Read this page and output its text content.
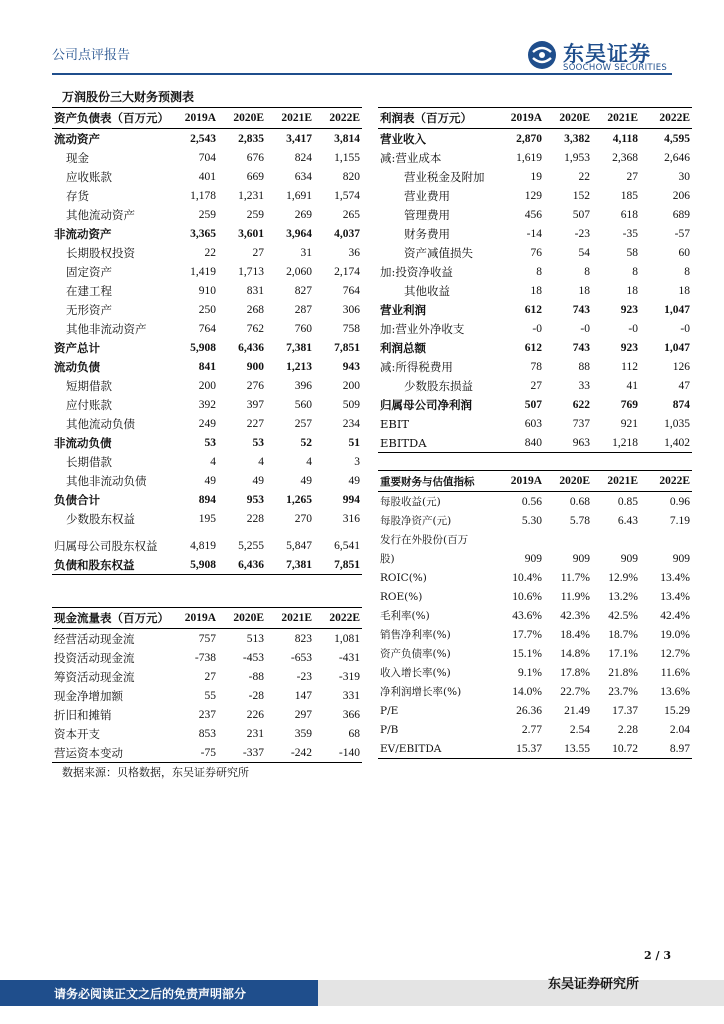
公司点评报告	东吴证券
SOOCHOW SECURITIES
万润股份三大财务预测表
资产负债表（百万元）	2019A	2020E	2021E	2022E
流动资产	2,543	2,835	3,417	3,814
现金	704	676	824	1,155
应收账款	401	669	634	820
存货	1,178	1,231	1,691	1,574
其他流动资产	259	259	269	265
非流动资产	3,365	3,601	3,964	4,037
长期股权投资	22	27	31	36
固定资产	1,419	1,713	2,060	2,174
在建工程	910	831	827	764
无形资产	250	268	287	306
其他非流动资产	764	762	760	758
资产总计	5,908	6,436	7,381	7,851
流动负债	841	900	1,213	943
短期借款	200	276	396	200
应付账款	392	397	560	509
其他流动负债	249	227	257	234
非流动负债	53	53	52	51
长期借款	4	4	4	3
其他非流动负债	49	49	49	49
负债合计	894	953	1,265	994
少数股东权益	195	228	270	316

归属母公司股东权益	4,819	5,255	5,847	6,541
负债和股东权益	5,908	6,436	7,381	7,851
利润表（百万元）	2019A	2020E	2021E	2022E
营业收入	2,870	3,382	4,118	4,595
减:营业成本	1,619	1,953	2,368	2,646
营业税金及附加	19	22	27	30
营业费用	129	152	185	206
管理费用	456	507	618	689
财务费用	-14	-23	-35	-57
资产减值损失	76	54	58	60
加:投资净收益	8	8	8	8
其他收益	18	18	18	18
营业利润	612	743	923	1,047
加:营业外净收支	-0	-0	-0	-0
利润总额	612	743	923	1,047
减:所得税费用	78	88	112	126
少数股东损益	27	33	41	47
归属母公司净利润	507	622	769	874
EBIT	603	737	921	1,035
EBITDA	840	963	1,218	1,402
重要财务与估值指标	2019A	2020E	2021E	2022E
每股收益(元)	0.56	0.68	0.85	0.96
每股净资产(元)	5.30	5.78	6.43	7.19
发行在外股份(百万				
股)	909	909	909	909
ROIC(%)	10.4%	11.7%	12.9%	13.4%
ROE(%)	10.6%	11.9%	13.2%	13.4%
毛利率(%)	43.6%	42.3%	42.5%	42.4%
销售净利率(%)	17.7%	18.4%	18.7%	19.0%
资产负债率(%)	15.1%	14.8%	17.1%	12.7%
收入增长率(%)	9.1%	17.8%	21.8%	11.6%
净利润增长率(%)	14.0%	22.7%	23.7%	13.6%
P/E	26.36	21.49	17.37	15.29
P/B	2.77	2.54	2.28	2.04
EV/EBITDA	15.37	13.55	10.72	8.97
现金流量表（百万元）	2019A	2020E	2021E	2022E
经营活动现金流	757	513	823	1,081
投资活动现金流	-738	-453	-653	-431
筹资活动现金流	27	-88	-23	-319
现金净增加额	55	-28	147	331
折旧和摊销	237	226	297	366
资本开支	853	231	359	68
营运资本变动	-75	-337	-242	-140
数据来源：贝格数据，东吴证券研究所
2 / 3
请务必阅读正文之后的免责声明部分
东吴证券研究所
